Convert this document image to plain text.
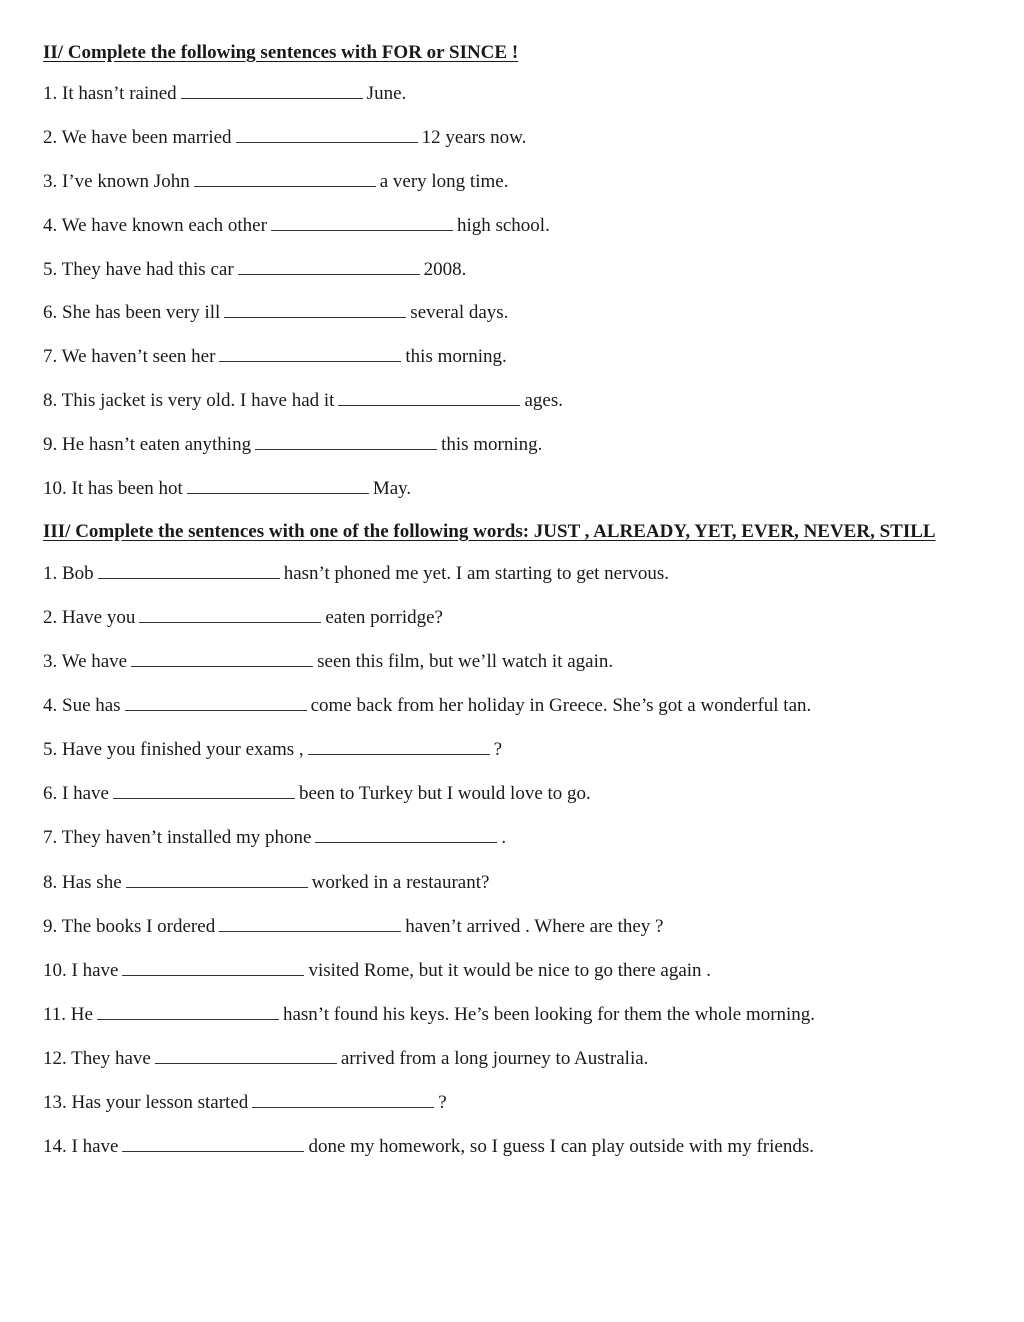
II/ Complete the following sentences with FOR or SINCE !
1. It hasn’t rained	June.
2. We have been married	12 years now.
3. I’ve known John	a very long time.
4. We have known each other	high school.
5. They have had this car	2008.
6. She has been very ill	several days.
7. We haven’t seen her	this morning.
8. This jacket is very old. I have had it	ages.
9. He hasn’t eaten anything	this morning.
10. It has been hot	May.
III/ Complete the sentences with one of the following words: JUST , ALREADY, YET, EVER, NEVER, STILL
1. Bob	hasn’t phoned me yet. I am starting to get nervous.
2. Have you	eaten porridge?
3. We have	seen this film, but we’ll watch it again.
4. Sue has	come back from her holiday in Greece. She’s got a wonderful tan.
5. Have you finished your exams ,	?
6. I have	been to Turkey but I would love to go.
7. They haven’t installed my phone	.
8. Has she	worked in a restaurant?
9. The books I ordered	haven’t arrived . Where are they ?
10. I have	visited Rome, but it would be nice to go there again .
11. He	hasn’t found his keys. He’s been looking for them the whole morning.
12. They have	arrived from a long journey to Australia.
13. Has your lesson started	?
14. I have	done my homework, so I guess I can play outside with my friends.
